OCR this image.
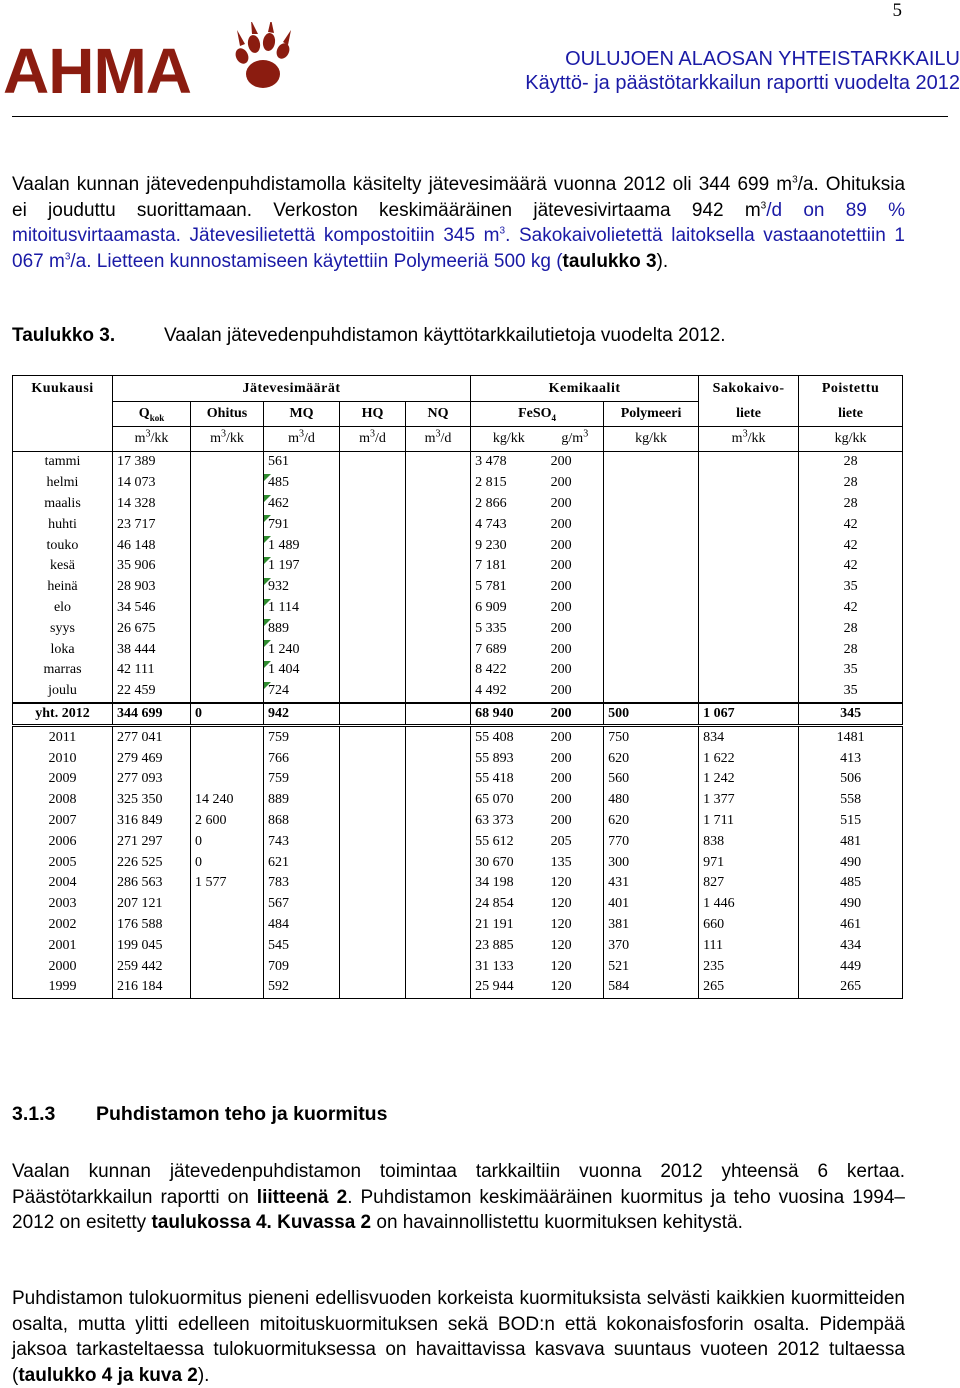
5
AHMA	OULUJOEN ALAOSAN YHTEISTARKKAILU
Käyttö- ja päästötarkkailun raportti vuodelta 2012
Vaalan kunnan jätevedenpuhdistamolla käsitelty jätevesimäärä vuonna 2012 oli 344 699 $m^3/a$. Ohituksia ei jouduttu suorittamaan. Verkoston keskimääräinen jätevesivirtaama 942 $m^3/d$ on 89 % mitoitusvirtaamasta. Jätevesilietettä kompostoitiin 345 $m^3$. Sakokaivolietettä laitoksella vastaanotettiin 1 067 $m^3/a$. Lietteen kunnostamiseen käytettiin Polymeeriä 500 kg (taulukko 3).
Taulukko 3.	Vaalan jätevedenpuhdistamon käyttötarkkailutietoja vuodelta 2012.
Kuukausi	Jätevesimäärät					Kemikaalit			Sakokaivo-	Poistettu
	$Q_{kok}$	Ohitus	MQ	HQ	NQ	FeSO$_4$		Polymeeri	liete	liete
	$m^3/kk$	$m^3/kk$	$m^3/d$	$m^3/d$	$m^3/d$	kg/kk	$g/m^3$	kg/kk	$m^3/kk$	kg/kk
tammi	17 389		561			3 478	200			28
helmi	14 073		485			2 815	200			28
maalis	14 328		462			2 866	200			28
huhti	23 717		791			4 743	200			42
touko	46 148		1 489			9 230	200			42
kesä	35 906		1 197			7 181	200			42
heinä	28 903		932			5 781	200			35
elo	34 546		1 114			6 909	200			42
syys	26 675		889			5 335	200			28
loka	38 444		1 240			7 689	200			28
marras	42 111		1 404			8 422	200			35
joulu	22 459		724			4 492	200			35
yht. 2012	344 699	0	942			68 940	200	500	1 067	345
2011	277 041		759			55 408	200	750	834	1481
2010	279 469		766			55 893	200	620	1 622	413
2009	277 093		759			55 418	200	560	1 242	506
2008	325 350	14 240	889			65 070	200	480	1 377	558
2007	316 849	2 600	868			63 373	200	620	1 711	515
2006	271 297	0	743			55 612	205	770	838	481
2005	226 525	0	621			30 670	135	300	971	490
2004	286 563	1 577	783			34 198	120	431	827	485
2003	207 121		567			24 854	120	401	1 446	490
2002	176 588		484			21 191	120	381	660	461
2001	199 045		545			23 885	120	370	111	434
2000	259 442		709			31 133	120	521	235	449
1999	216 184		592			25 944	120	584	265	265
3.1.3 Puhdistamon teho ja kuormitus
Vaalan kunnan jätevedenpuhdistamon toimintaa tarkkailtiin vuonna 2012 yhteensä 6 kertaa. Päästötarkkailun raportti on liitteenä 2. Puhdistamon keskimääräinen kuormitus ja teho vuosina 1994–2012 on esitetty taulukossa 4. Kuvassa 2 on havainnollistettu kuormituksen kehitystä.
Puhdistamon tulokuormitus pieneni edellisvuoden korkeista kuormituksista selvästi kaikkien kuormitteiden osalta, mutta ylitti edelleen mitoituskuormituksen sekä BOD:n että kokonaisfosforin osalta. Pidempää jaksoa tarkasteltaessa tulokuormituksessa on havaittavissa kasvava suuntaus vuoteen 2012 tultaessa (taulukko 4 ja kuva 2).
